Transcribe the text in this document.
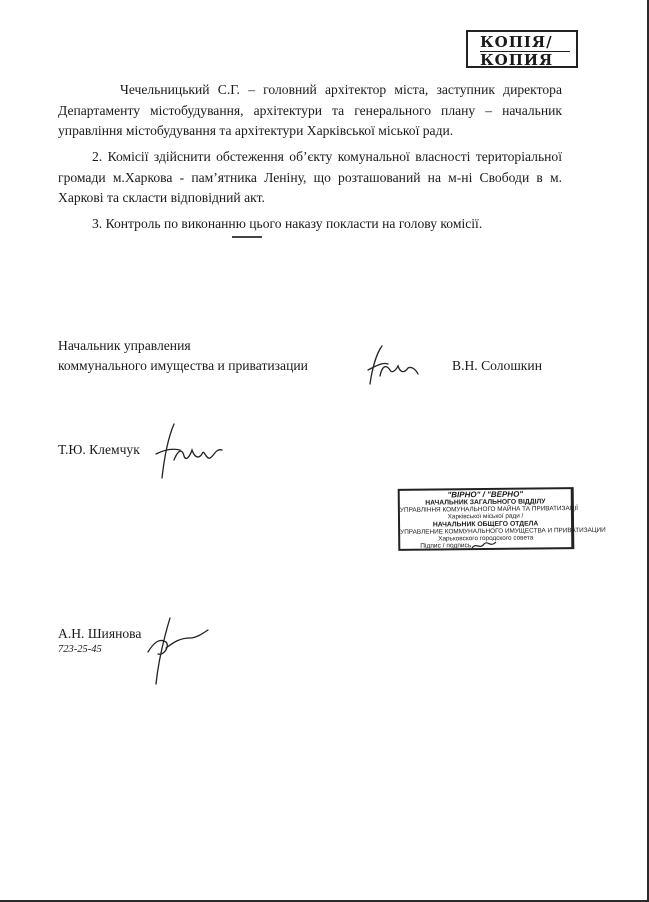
КОПІЯ/
КОПИЯ

Чечельницький С.Г. – головний архітектор міста, заступник директора Департаменту містобудування, архітектури та генерального плану – начальник управління містобудування та архітектури Харківської міської ради.

2. Комісії здійснити обстеження об’єкту комунальної власності територіальної громади м.Харкова - пам’ятника Леніну, що розташований на м-ні Свободи в м. Харкові та скласти відповідний акт.

3. Контроль по виконанню цього наказу покласти на голову комісії.

Начальник управления
коммунального имущества и приватизации	В.Н. Солошкин
Т.Ю. Клемчук
"ВІРНО" / "ВЕРНО"
НАЧАЛЬНИК ЗАГАЛЬНОГО ВІДДІЛУ
УПРАВЛІННЯ КОМУНАЛЬНОГО МАЙНА ТА ПРИВАТИЗАЦІЇ
Харківської міської ради /
НАЧАЛЬНИК ОБЩЕГО ОТДЕЛА
УПРАВЛЕНИЕ КОММУНАЛЬНОГО ИМУЩЕСТВА И ПРИВАТИЗАЦИИ
Харьковского городского совета
Підпис / подпись
А.Н. Шиянова
723-25-45
